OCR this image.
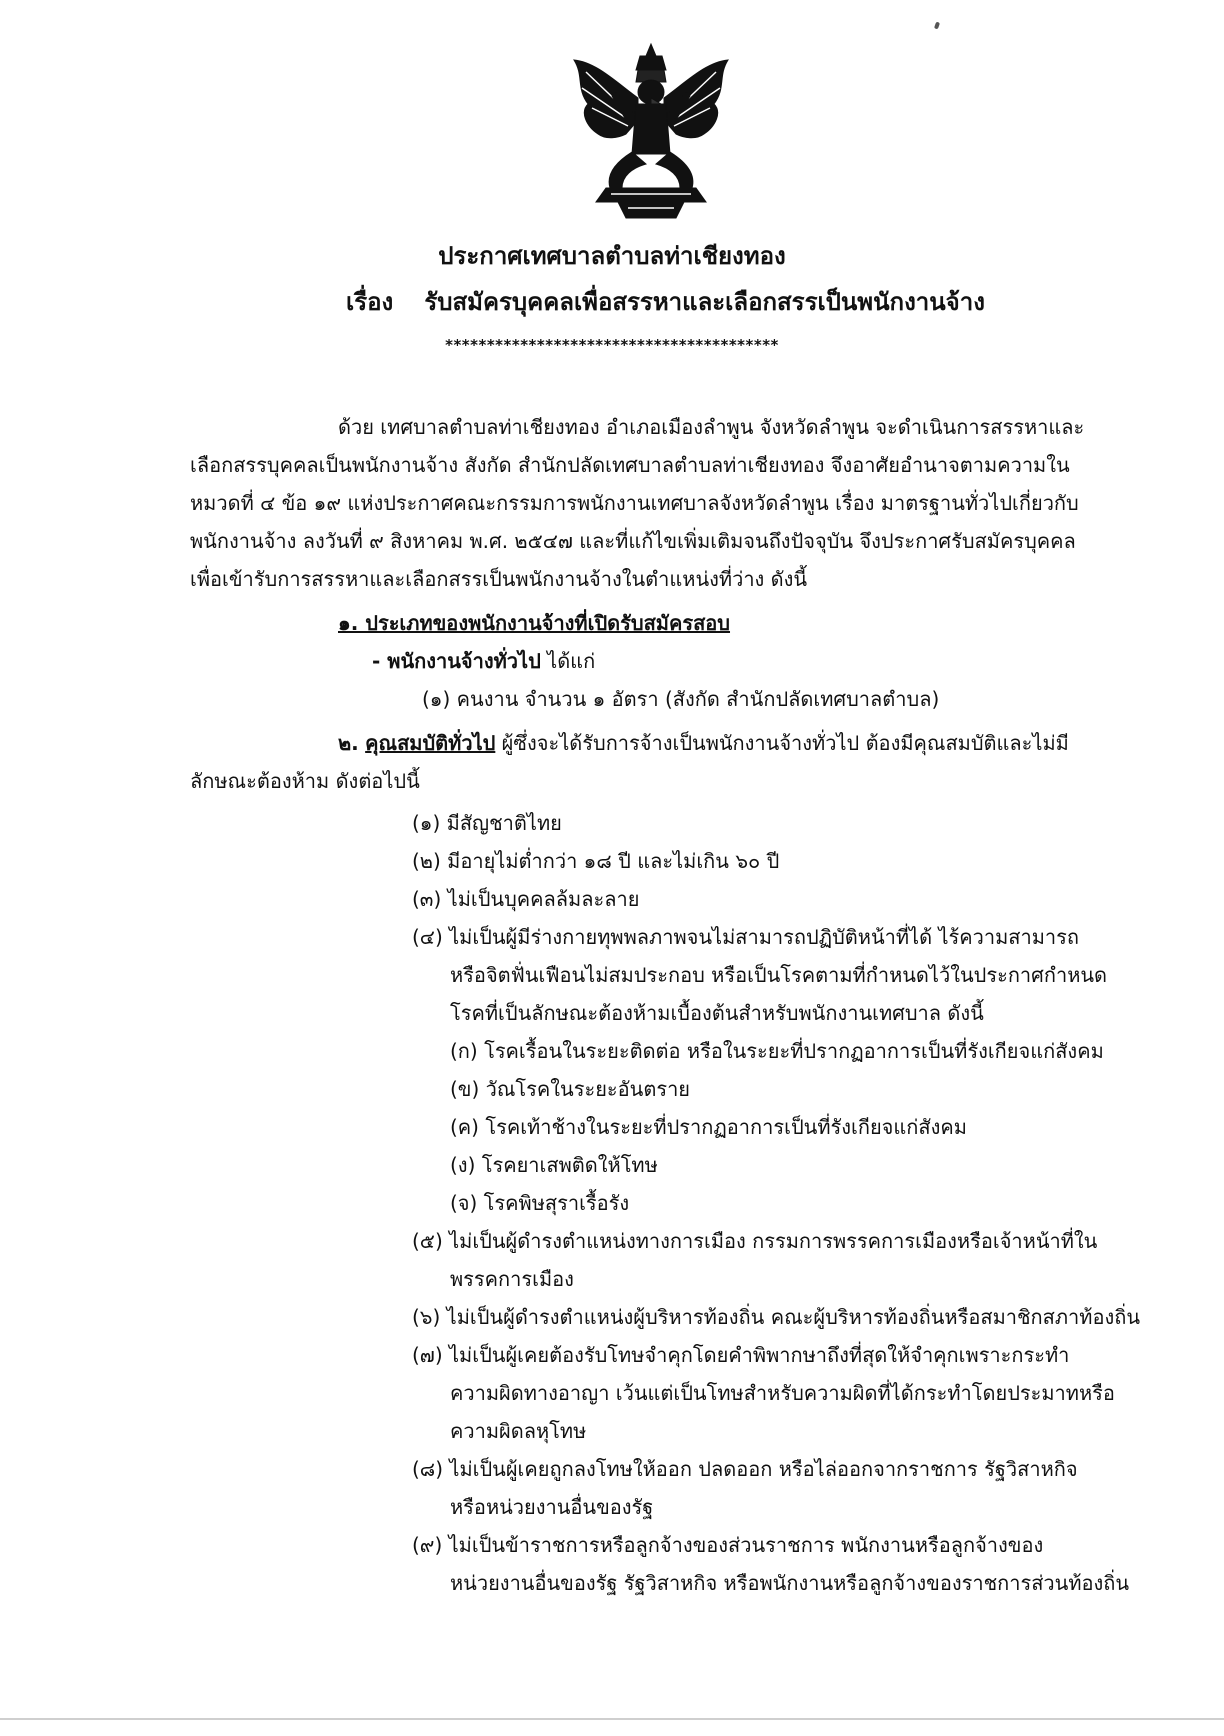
ประกาศเทศบาลตำบลท่าเชียงทอง
เรื่อง รับสมัครบุคคลเพื่อสรรหาและเลือกสรรเป็นพนักงานจ้าง
****************************************
ด้วย เทศบาลตำบลท่าเชียงทอง อำเภอเมืองลำพูน จังหวัดลำพูน จะดำเนินการสรรหาและ
เลือกสรรบุคคลเป็นพนักงานจ้าง สังกัด สำนักปลัดเทศบาลตำบลท่าเชียงทอง จึงอาศัยอำนาจตามความใน
หมวดที่ ๔ ข้อ ๑๙ แห่งประกาศคณะกรรมการพนักงานเทศบาลจังหวัดลำพูน เรื่อง มาตรฐานทั่วไปเกี่ยวกับ
พนักงานจ้าง ลงวันที่ ๙ สิงหาคม พ.ศ. ๒๕๔๗ และที่แก้ไขเพิ่มเติมจนถึงปัจจุบัน จึงประกาศรับสมัครบุคคล
เพื่อเข้ารับการสรรหาและเลือกสรรเป็นพนักงานจ้างในตำแหน่งที่ว่าง ดังนี้
๑. ประเภทของพนักงานจ้างที่เปิดรับสมัครสอบ
- พนักงานจ้างทั่วไป ได้แก่
(๑) คนงาน จำนวน ๑ อัตรา (สังกัด สำนักปลัดเทศบาลตำบล)
๒. คุณสมบัติทั่วไป ผู้ซึ่งจะได้รับการจ้างเป็นพนักงานจ้างทั่วไป ต้องมีคุณสมบัติและไม่มี
ลักษณะต้องห้าม ดังต่อไปนี้
(๑) มีสัญชาติไทย
(๒) มีอายุไม่ต่ำกว่า ๑๘ ปี และไม่เกิน ๖๐ ปี
(๓) ไม่เป็นบุคคลล้มละลาย
(๔) ไม่เป็นผู้มีร่างกายทุพพลภาพจนไม่สามารถปฏิบัติหน้าที่ได้ ไร้ความสามารถ
หรือจิตฟั่นเฟือนไม่สมประกอบ หรือเป็นโรคตามที่กำหนดไว้ในประกาศกำหนด
โรคที่เป็นลักษณะต้องห้ามเบื้องต้นสำหรับพนักงานเทศบาล ดังนี้
(ก) โรคเรื้อนในระยะติดต่อ หรือในระยะที่ปรากฏอาการเป็นที่รังเกียจแก่สังคม
(ข) วัณโรคในระยะอันตราย
(ค) โรคเท้าช้างในระยะที่ปรากฏอาการเป็นที่รังเกียจแก่สังคม
(ง) โรคยาเสพติดให้โทษ
(จ) โรคพิษสุราเรื้อรัง
(๕) ไม่เป็นผู้ดำรงตำแหน่งทางการเมือง กรรมการพรรคการเมืองหรือเจ้าหน้าที่ใน
พรรคการเมือง
(๖) ไม่เป็นผู้ดำรงตำแหน่งผู้บริหารท้องถิ่น คณะผู้บริหารท้องถิ่นหรือสมาชิกสภาท้องถิ่น
(๗) ไม่เป็นผู้เคยต้องรับโทษจำคุกโดยคำพิพากษาถึงที่สุดให้จำคุกเพราะกระทำ
ความผิดทางอาญา เว้นแต่เป็นโทษสำหรับความผิดที่ได้กระทำโดยประมาทหรือ
ความผิดลหุโทษ
(๘) ไม่เป็นผู้เคยถูกลงโทษให้ออก ปลดออก หรือไล่ออกจากราชการ รัฐวิสาหกิจ
หรือหน่วยงานอื่นของรัฐ
(๙) ไม่เป็นข้าราชการหรือลูกจ้างของส่วนราชการ พนักงานหรือลูกจ้างของ
หน่วยงานอื่นของรัฐ รัฐวิสาหกิจ หรือพนักงานหรือลูกจ้างของราชการส่วนท้องถิ่น
